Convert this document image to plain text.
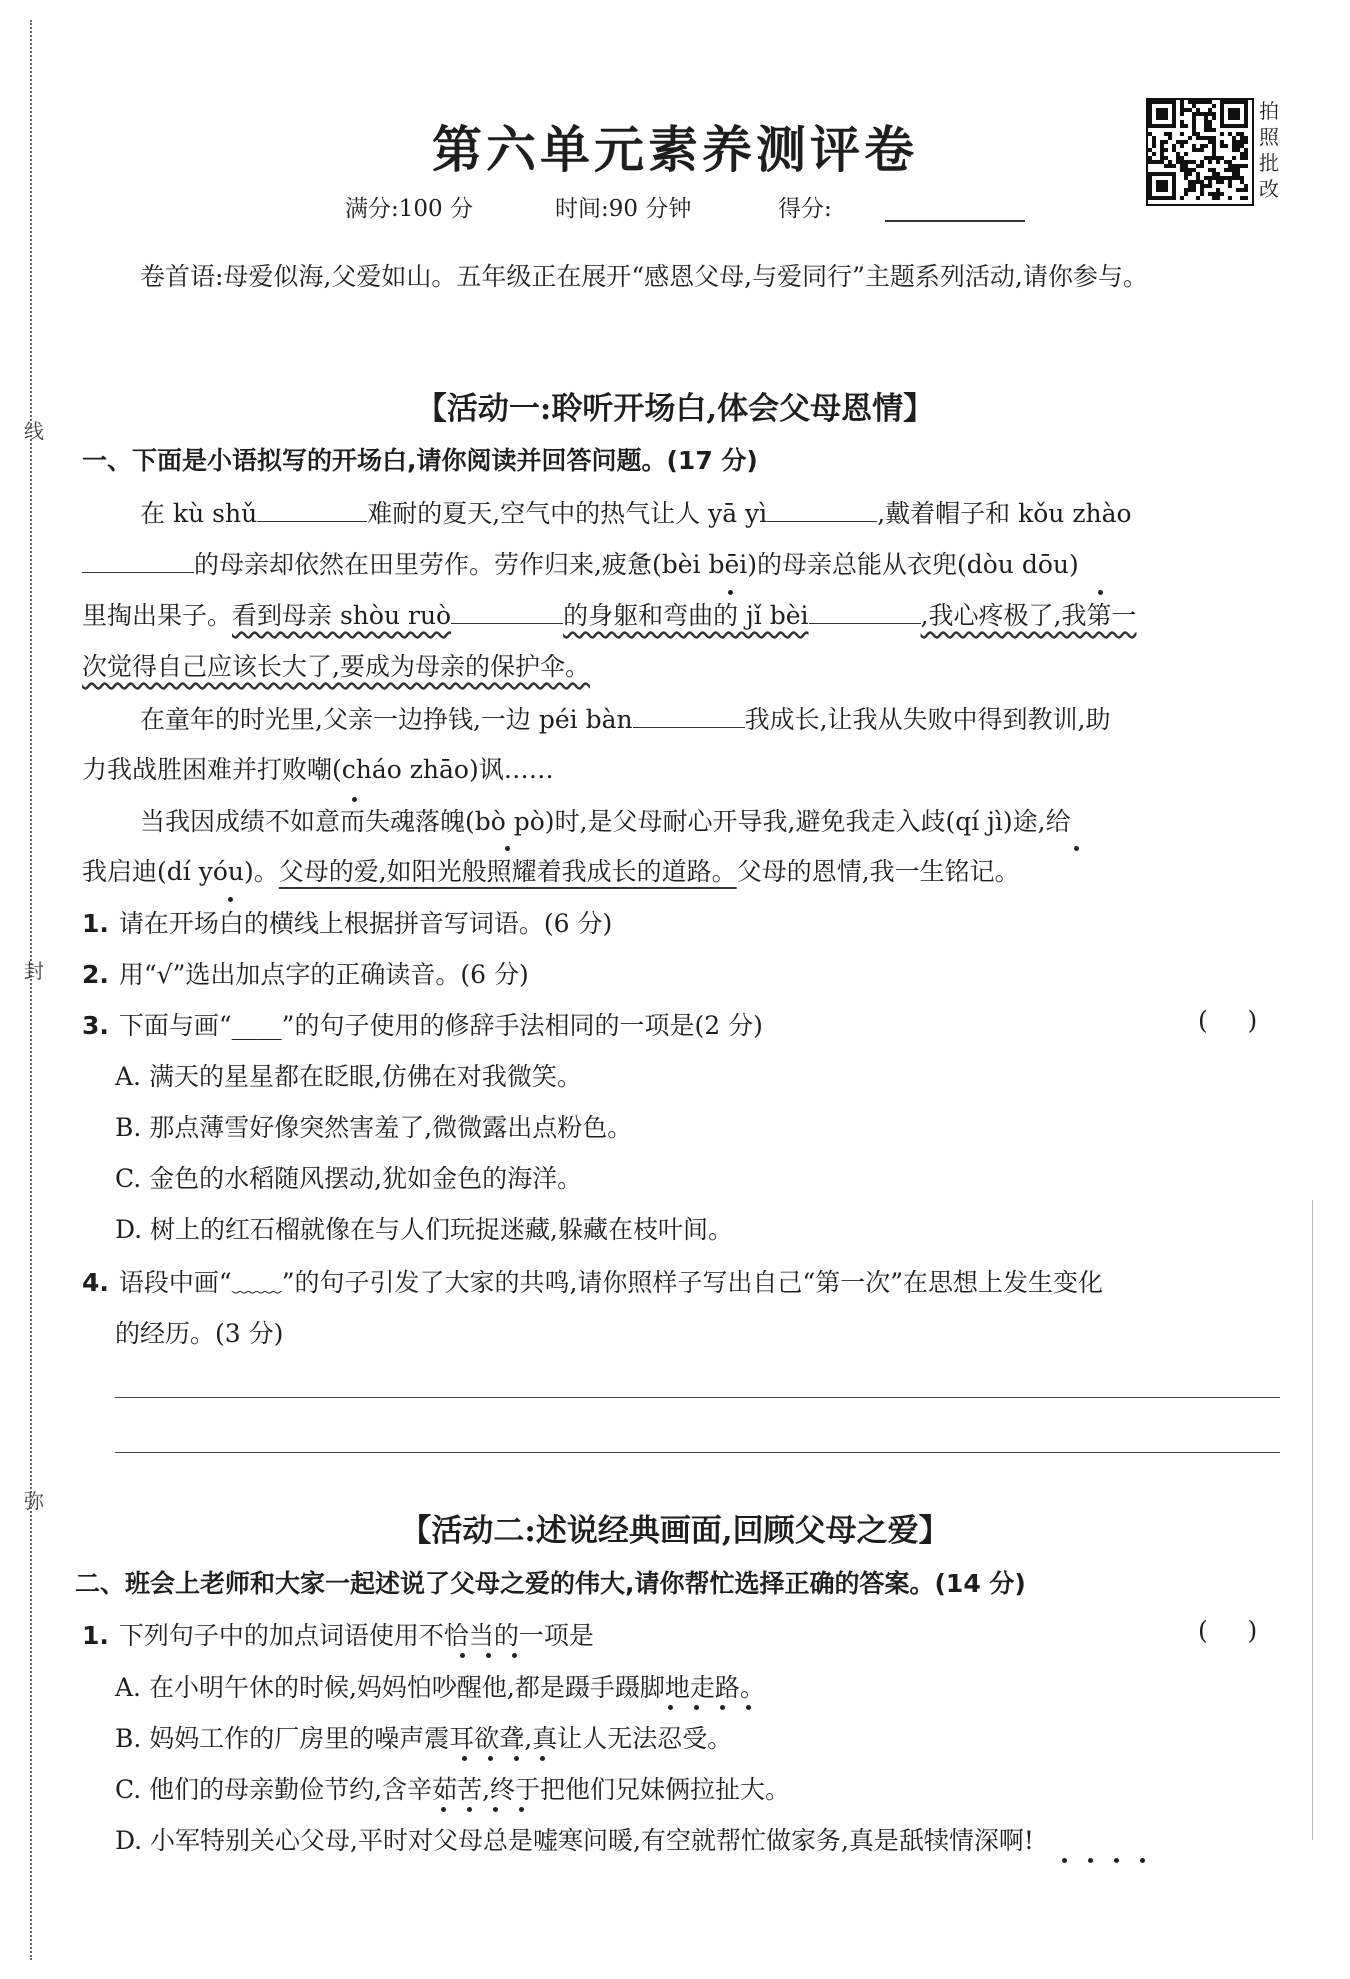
线
封
弥
第六单元素养测评卷
拍
照
批
改
满分:100 分	时间:90 分钟	得分:
卷首语:母爱似海,父爱如山。五年级正在展开“感恩父母,与爱同行”主题系列活动,请你参与。
【活动一:聆听开场白,体会父母恩情】
一、下面是小语拟写的开场白,请你阅读并回答问题。(17 分)
在 kù shǔ	难耐的夏天,空气中的热气让人 yā yì	,戴着帽子和 kǒu zhào
的母亲却依然在田里劳作。劳作归来,疲惫(bèi bēi)的母亲总能从衣兜(dòu dōu)
里掏出果子。看到母亲 shòu ruò	的身躯和弯曲的 jǐ bèi	,我心疼极了,我第一
次觉得自己应该长大了,要成为母亲的保护伞。
在童年的时光里,父亲一边挣钱,一边 péi bàn	我成长,让我从失败中得到教训,助
力我战胜困难并打败嘲(cháo zhāo)讽……
当我因成绩不如意而失魂落魄(bò pò)时,是父母耐心开导我,避免我走入歧(qí jì)途,给
我启迪(dí yóu)。父母的爱,如阳光般照耀着我成长的道路。父母的恩情,我一生铭记。
1. 请在开场白的横线上根据拼音写词语。(6 分)
2. 用“√”选出加点字的正确读音。(6 分)
3. 下面与画“____”的句子使用的修辞手法相同的一项是(2 分)	(     )
A. 满天的星星都在眨眼,仿佛在对我微笑。
B. 那点薄雪好像突然害羞了,微微露出点粉色。
C. 金色的水稻随风摆动,犹如金色的海洋。
D. 树上的红石榴就像在与人们玩捉迷藏,躲藏在枝叶间。
4. 语段中画“﹏﹏”的句子引发了大家的共鸣,请你照样子写出自己“第一次”在思想上发生变化
的经历。(3 分)
【活动二:述说经典画面,回顾父母之爱】
二、班会上老师和大家一起述说了父母之爱的伟大,请你帮忙选择正确的答案。(14 分)
1. 下列句子中的加点词语使用不恰当的一项是	(     )
A. 在小明午休的时候,妈妈怕吵醒他,都是蹑手蹑脚地走路。
B. 妈妈工作的厂房里的噪声震耳欲聋,真让人无法忍受。
C. 他们的母亲勤俭节约,含辛茹苦,终于把他们兄妹俩拉扯大。
D. 小军特别关心父母,平时对父母总是嘘寒问暖,有空就帮忙做家务,真是舐犊情深啊!
